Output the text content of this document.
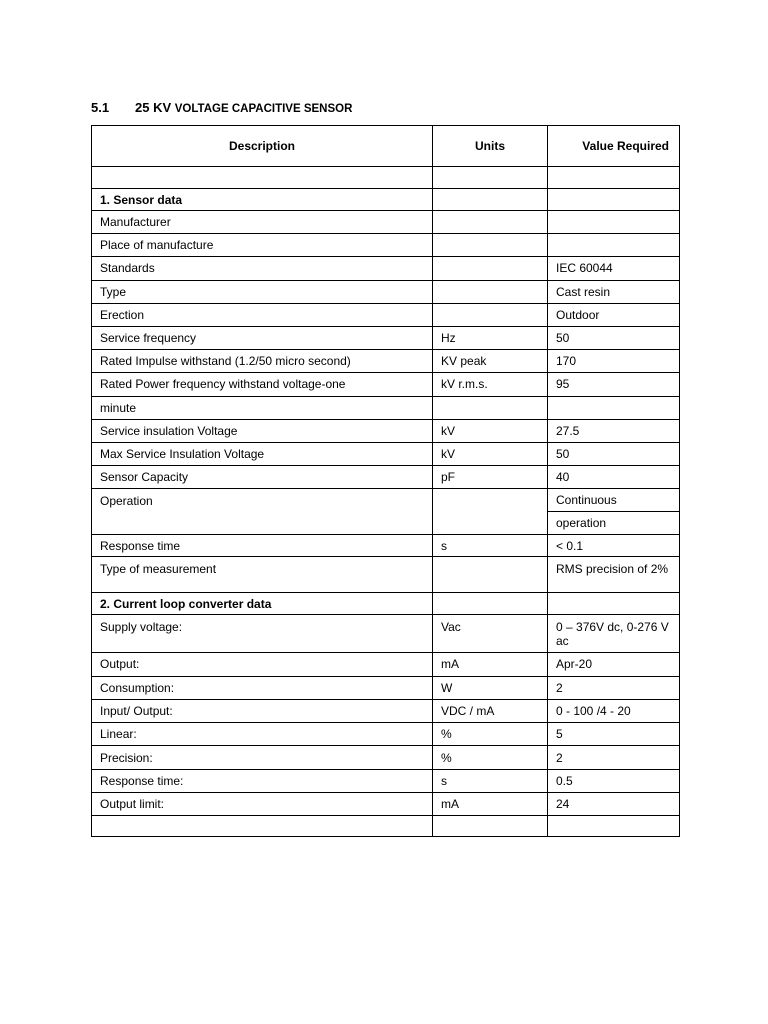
5.1 25 KV VOLTAGE CAPACITIVE SENSOR
Description	Units	Value Required

1. Sensor data		
Manufacturer		
Place of manufacture		
Standards		IEC 60044
Type		Cast resin
Erection		Outdoor
Service frequency	Hz	50
Rated Impulse withstand (1.2/50 micro second)	KV peak	170
Rated Power frequency withstand voltage-one	kV r.m.s.	95
minute		
Service insulation Voltage	kV	27.5
Max Service Insulation Voltage	kV	50
Sensor Capacity	pF	40
Operation		Continuous
		operation
Response time	s	< 0.1
Type of measurement		RMS precision of 2%
2. Current loop converter data		
Supply voltage:	Vac	0 – 376V dc, 0-276 V ac
Output:	mA	Apr-20
Consumption:	W	2
Input/ Output:	VDC / mA	0 - 100 /4 - 20
Linear:	%	5
Precision:	%	2
Response time:	s	0.5
Output limit:	mA	24
